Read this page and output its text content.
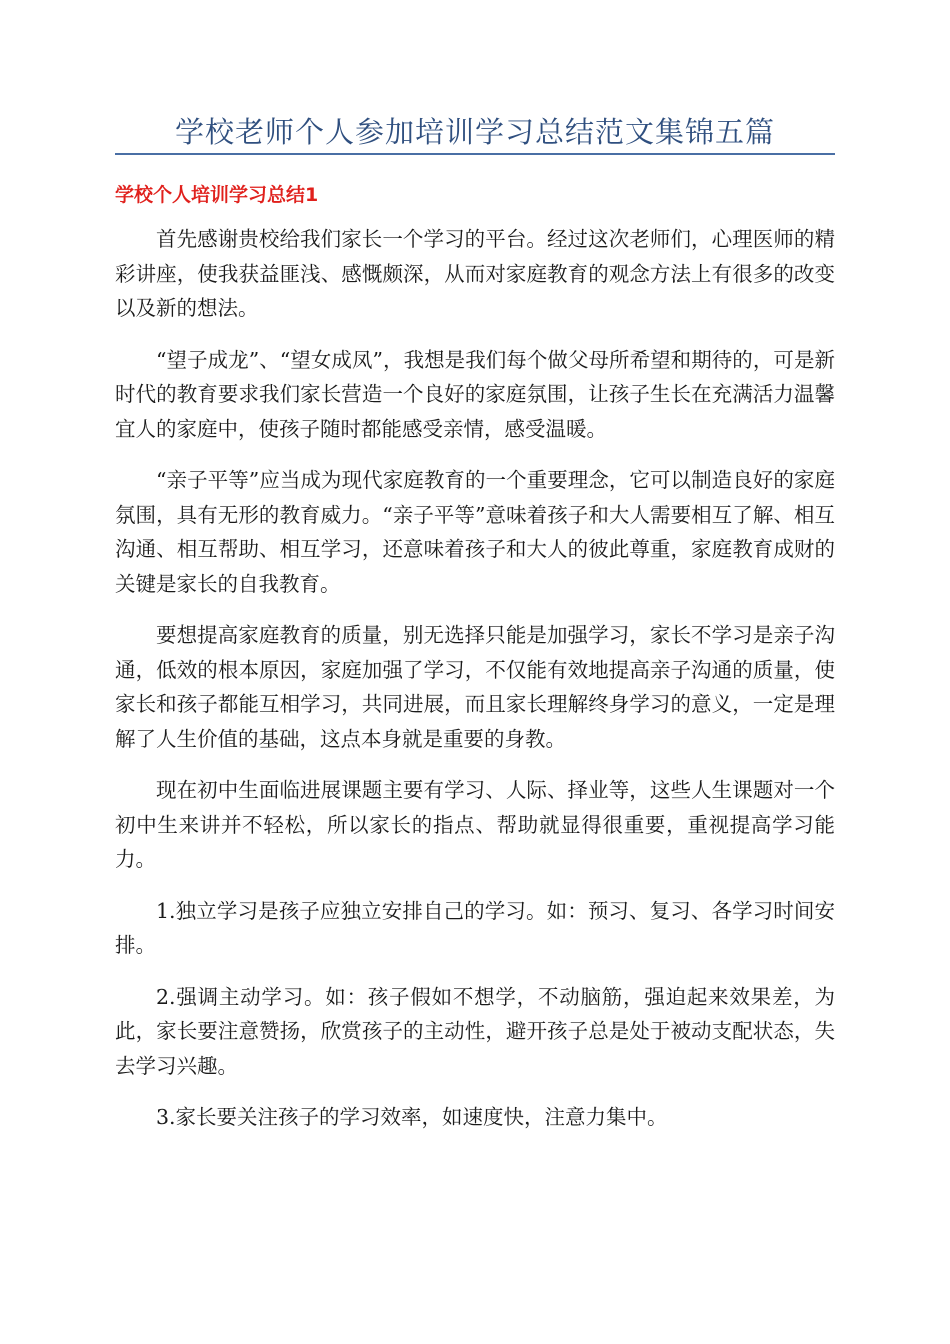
学校老师个人参加培训学习总结范文集锦五篇
学校个人培训学习总结1

首先感谢贵校给我们家长一个学习的平台。经过这次老师们，心理医师的精彩讲座，使我获益匪浅、感慨颇深，从而对家庭教育的观念方法上有很多的改变以及新的想法。

“望子成龙”、“望女成凤”，我想是我们每个做父母所希望和期待的，可是新时代的教育要求我们家长营造一个良好的家庭氛围，让孩子生长在充满活力温馨宜人的家庭中，使孩子随时都能感受亲情，感受温暖。

“亲子平等”应当成为现代家庭教育的一个重要理念，它可以制造良好的家庭氛围，具有无形的教育威力。“亲子平等”意味着孩子和大人需要相互了解、相互沟通、相互帮助、相互学习，还意味着孩子和大人的彼此尊重，家庭教育成财的关键是家长的自我教育。

要想提高家庭教育的质量，别无选择只能是加强学习，家长不学习是亲子沟通，低效的根本原因，家庭加强了学习，不仅能有效地提高亲子沟通的质量，使家长和孩子都能互相学习，共同进展，而且家长理解终身学习的意义，一定是理解了人生价值的基础，这点本身就是重要的身教。

现在初中生面临进展课题主要有学习、人际、择业等，这些人生课题对一个初中生来讲并不轻松，所以家长的指点、帮助就显得很重要，重视提高学习能力。

1.独立学习是孩子应独立安排自己的学习。如：预习、复习、各学习时间安排。

2.强调主动学习。如：孩子假如不想学，不动脑筋，强迫起来效果差，为此，家长要注意赞扬，欣赏孩子的主动性，避开孩子总是处于被动支配状态，失去学习兴趣。

3.家长要关注孩子的学习效率，如速度快，注意力集中。
